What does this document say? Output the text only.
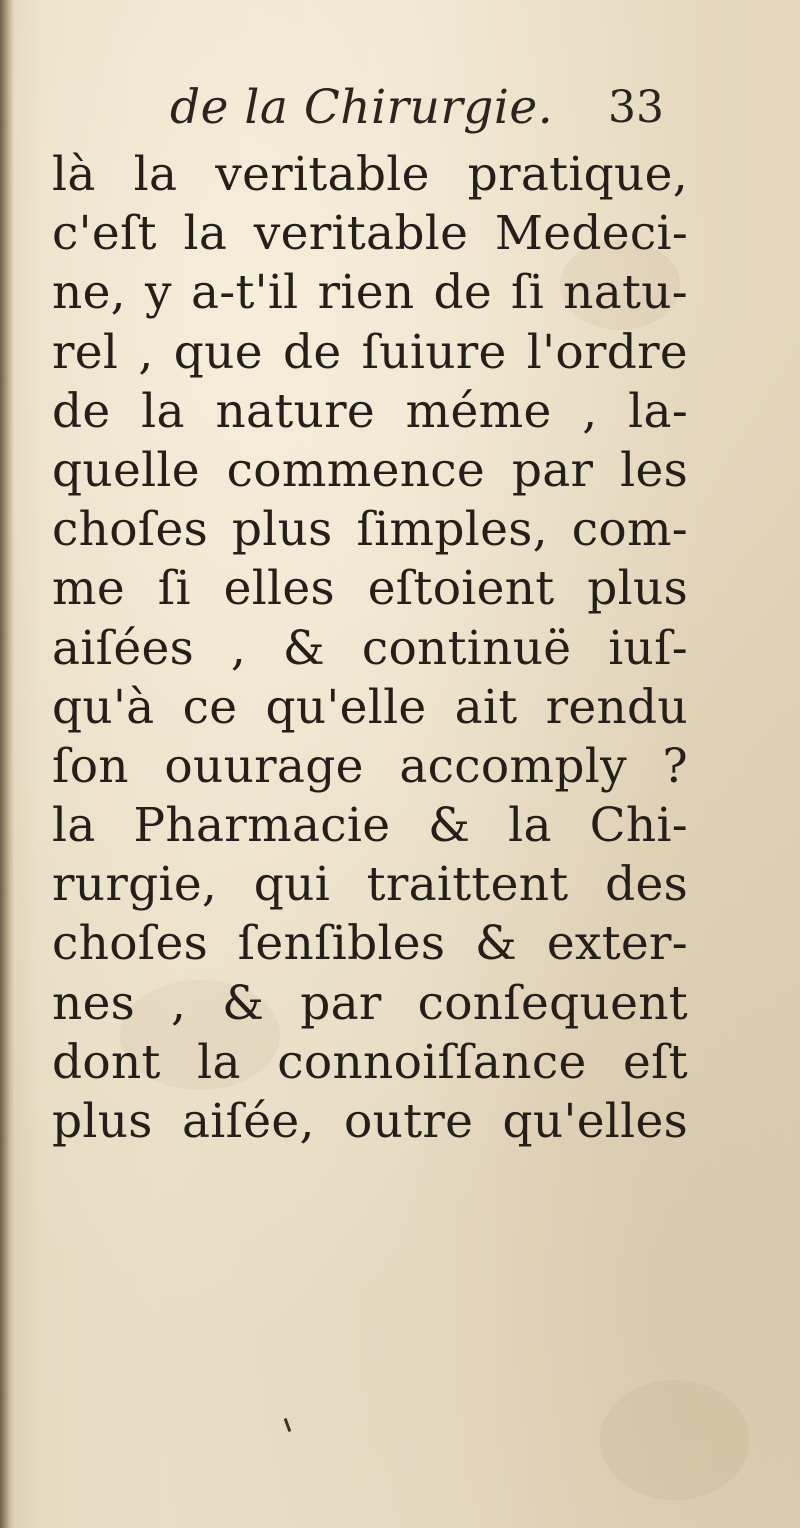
de la Chirurgie. 33
là la veritable pratique,
c'eſt la veritable Medeci-
ne, y a-t'il rien de ſi natu-
rel , que de ſuiure l'ordre
de la nature méme , la-
quelle commence par les
choſes plus ſimples, com-
me ſi elles eſtoient plus
aiſées , & continuë iuſ-
qu'à ce qu'elle ait rendu
ſon ouurage accomply ?
la Pharmacie & la Chi-
rurgie, qui traittent des
choſes ſenſibles & exter-
nes , & par conſequent
dont la connoiſſance eſt
plus aiſée, outre qu'elles
